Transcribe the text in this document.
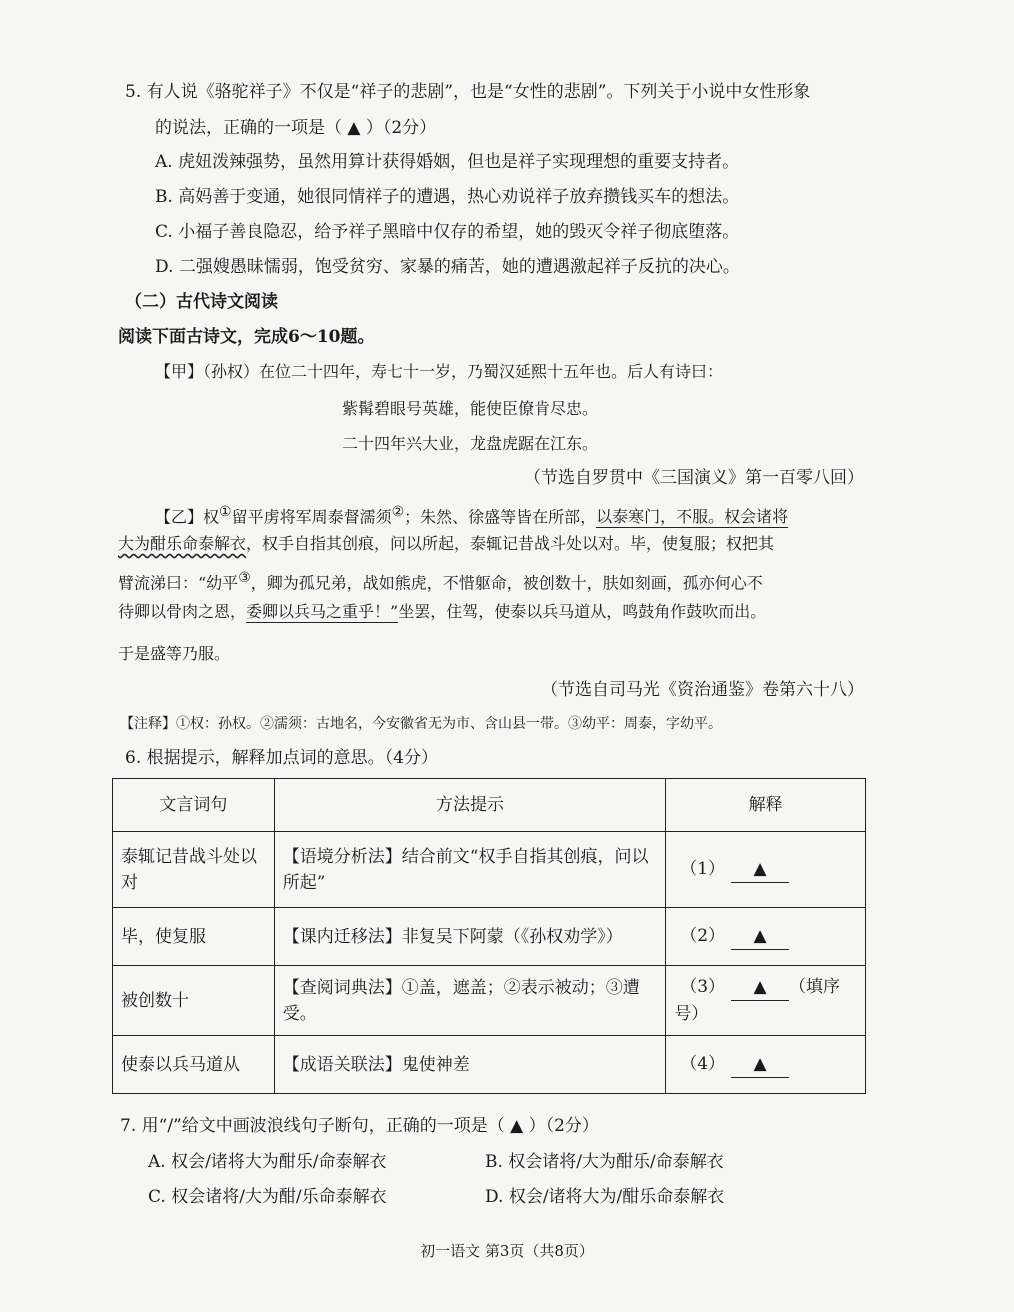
5. 有人说《骆驼祥子》不仅是“祥子的悲剧”，也是“女性的悲剧”。下列关于小说中女性形象
的说法，正确的一项是（ ▲ ）（2分）
A. 虎妞泼辣强势，虽然用算计获得婚姻，但也是祥子实现理想的重要支持者。
B. 高妈善于变通，她很同情祥子的遭遇，热心劝说祥子放弃攒钱买车的想法。
C. 小福子善良隐忍，给予祥子黑暗中仅存的希望，她的毁灭令祥子彻底堕落。
D. 二强嫂愚昧懦弱，饱受贫穷、家暴的痛苦，她的遭遇激起祥子反抗的决心。
（二）古代诗文阅读
阅读下面古诗文，完成6～10题。
【甲】（孙权）在位二十四年，寿七十一岁，乃蜀汉延熙十五年也。后人有诗曰：
紫髯碧眼号英雄，能使臣僚肯尽忠。
二十四年兴大业，龙盘虎踞在江东。
（节选自罗贯中《三国演义》第一百零八回）
【乙】权①留平虏将军周泰督濡须②；朱然、徐盛等皆在所部，以泰寒门，不服。权会诸将
大为酣乐命泰解衣，权手自指其创痕，问以所起，泰辄记昔战斗处以对。毕，使复服；权把其
臂流涕曰：“幼平③，卿为孤兄弟，战如熊虎，不惜躯命，被创数十，肤如刻画，孤亦何心不
待卿以骨肉之恩，委卿以兵马之重乎！”坐罢，住驾，使泰以兵马道从，鸣鼓角作鼓吹而出。
于是盛等乃服。
（节选自司马光《资治通鉴》卷第六十八）
【注释】①权：孙权。②濡须：古地名，今安徽省无为市、含山县一带。③幼平：周泰，字幼平。
6. 根据提示，解释加点词的意思。（4分）
文言词句	方法提示	解释
泰辄记昔战斗处以对	【语境分析法】结合前文“权手自指其创痕，问以所起”	（1） ▲
毕，使复服	【课内迁移法】非复吴下阿蒙（《孙权劝学》）	（2） ▲
被创数十	【查阅词典法】①盖，遮盖；②表示被动；③遭受。	（3） ▲ （填序号）
使泰以兵马道从	【成语关联法】鬼使神差	（4） ▲
7. 用“/”给文中画波浪线句子断句，正确的一项是（ ▲ ）（2分）
A. 权会/诸将大为酣乐/命泰解衣	B. 权会诸将/大为酣乐/命泰解衣
C. 权会诸将/大为酣/乐命泰解衣	D. 权会/诸将大为/酣乐命泰解衣
初一语文 第3页（共8页）
